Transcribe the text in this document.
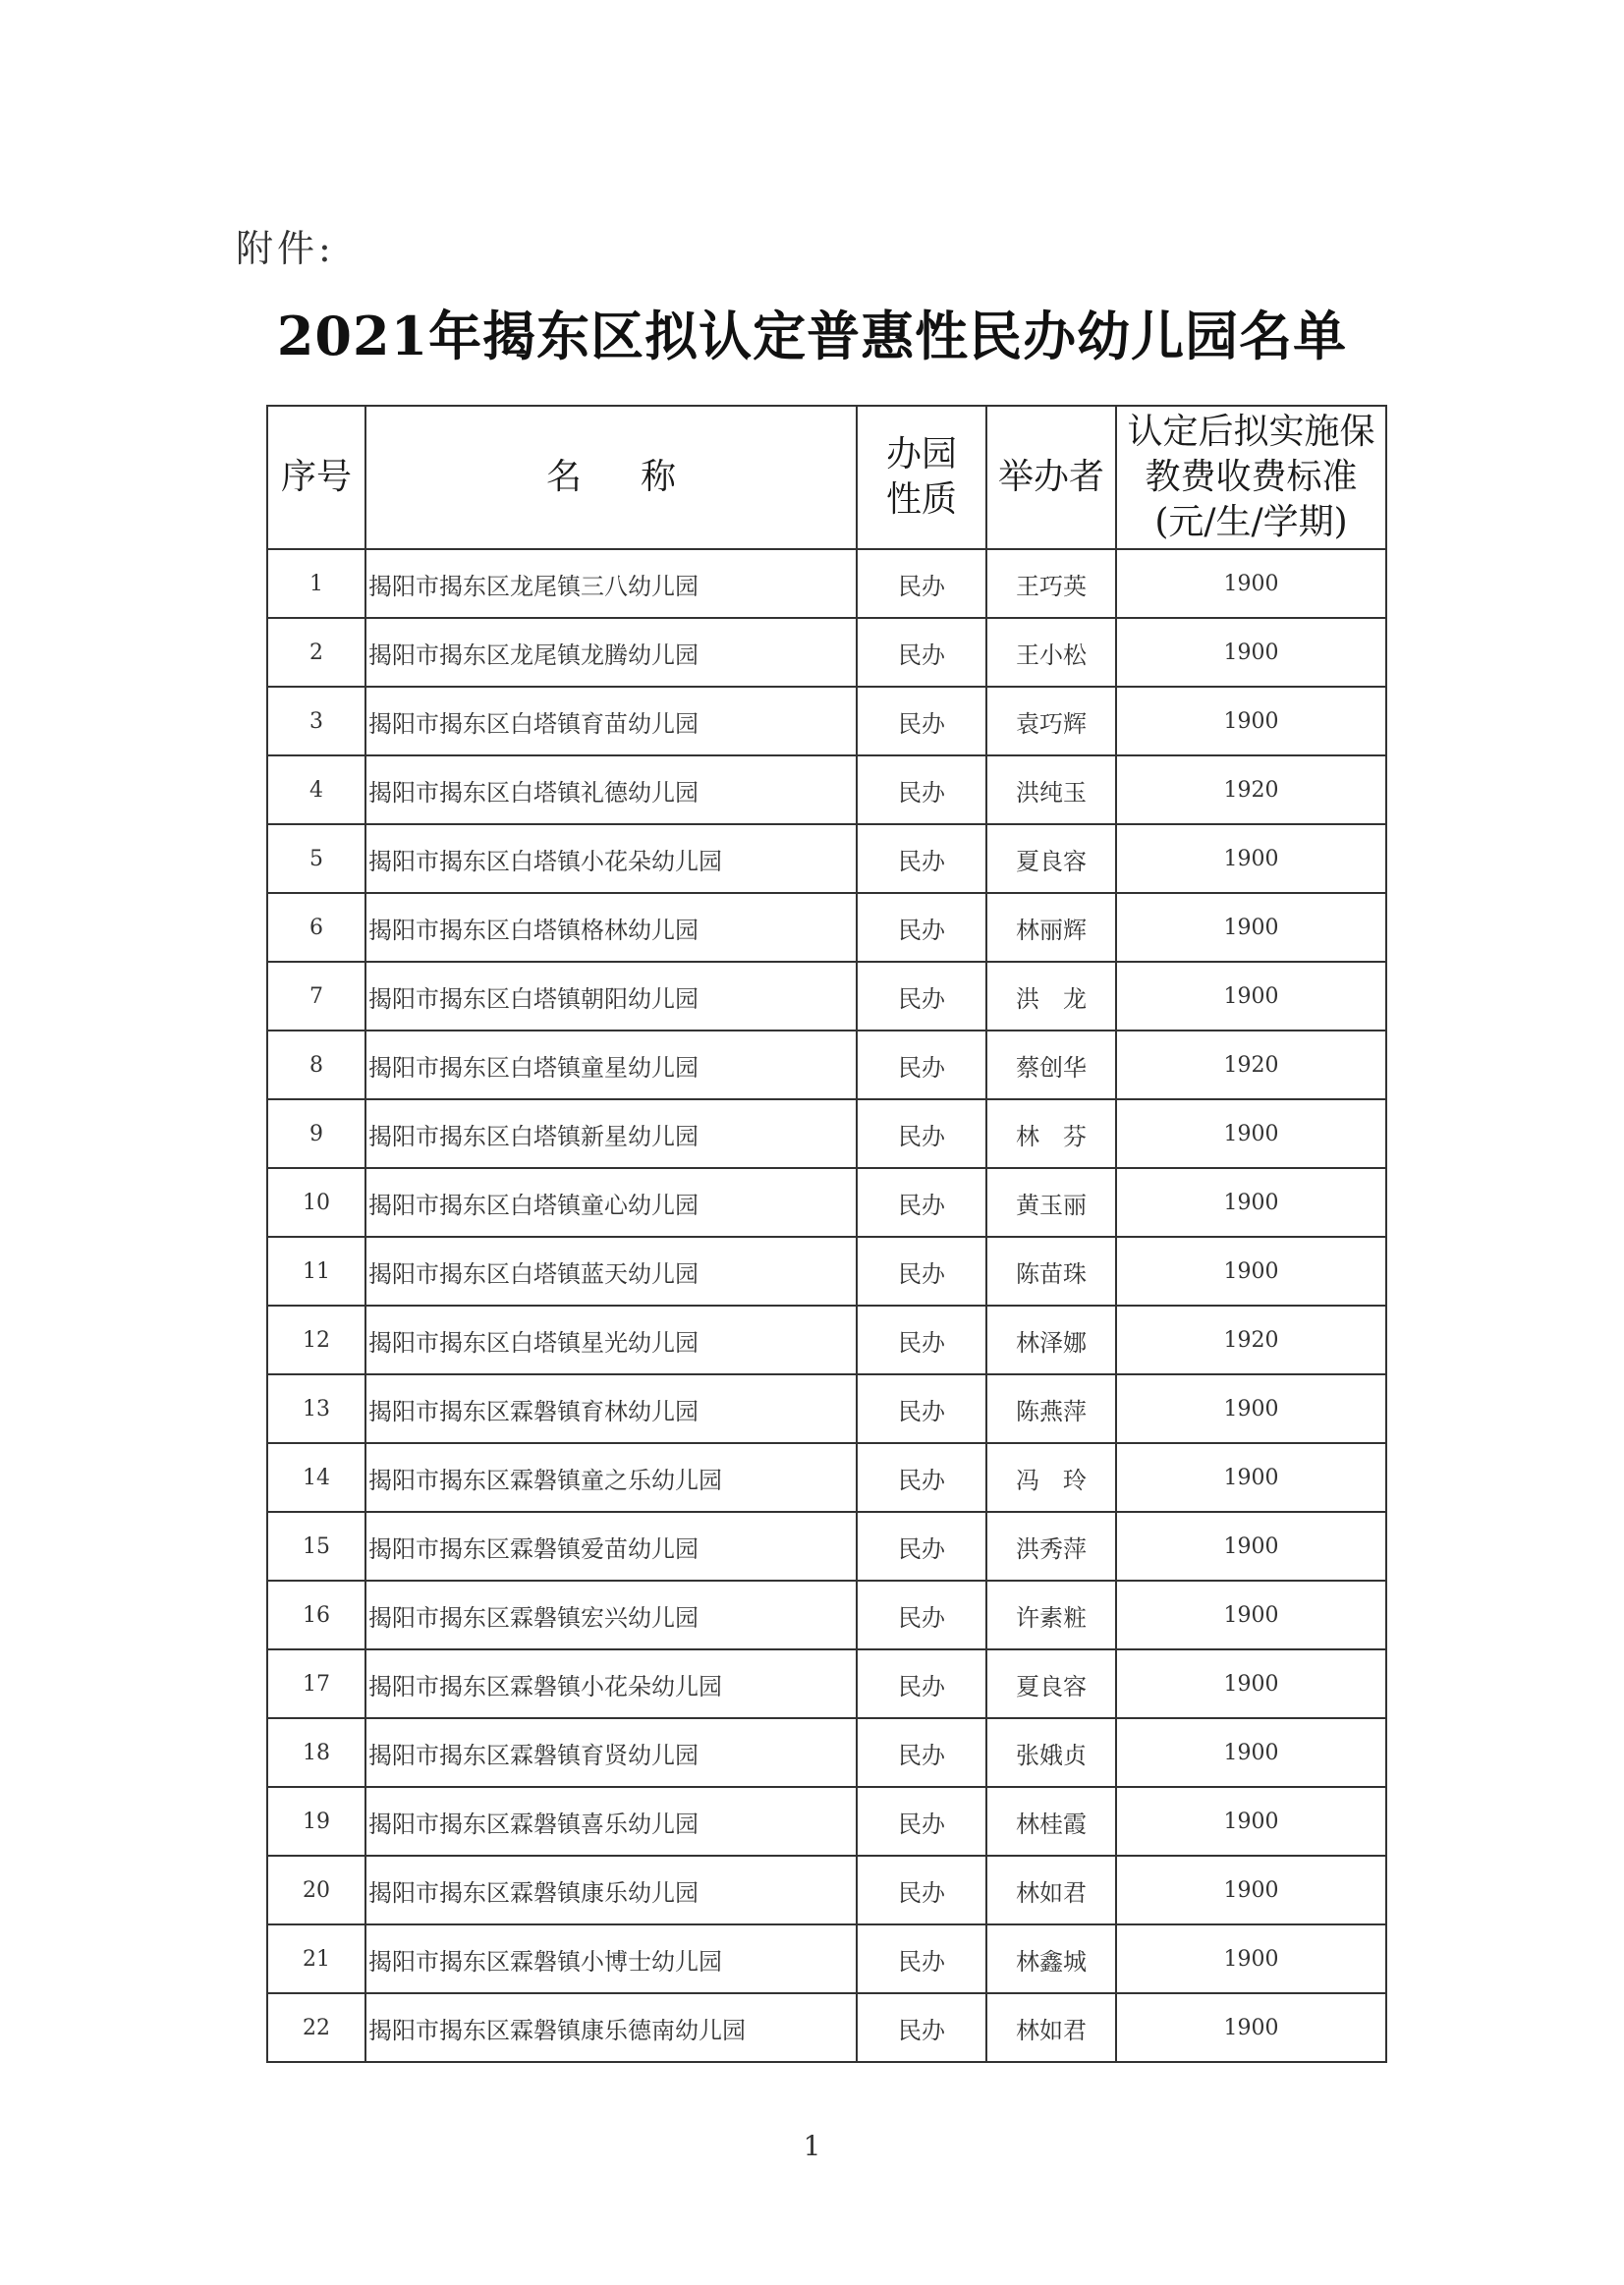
附件:
2021年揭东区拟认定普惠性民办幼儿园名单
序号	名称	办园性质	举办者	认定后拟实施保教费收费标准(元/生/学期)
1	揭阳市揭东区龙尾镇三八幼儿园	民办	王巧英	1900
2	揭阳市揭东区龙尾镇龙腾幼儿园	民办	王小松	1900
3	揭阳市揭东区白塔镇育苗幼儿园	民办	袁巧辉	1900
4	揭阳市揭东区白塔镇礼德幼儿园	民办	洪纯玉	1920
5	揭阳市揭东区白塔镇小花朵幼儿园	民办	夏良容	1900
6	揭阳市揭东区白塔镇格林幼儿园	民办	林丽辉	1900
7	揭阳市揭东区白塔镇朝阳幼儿园	民办	洪　龙	1900
8	揭阳市揭东区白塔镇童星幼儿园	民办	蔡创华	1920
9	揭阳市揭东区白塔镇新星幼儿园	民办	林　芬	1900
10	揭阳市揭东区白塔镇童心幼儿园	民办	黄玉丽	1900
11	揭阳市揭东区白塔镇蓝天幼儿园	民办	陈苗珠	1900
12	揭阳市揭东区白塔镇星光幼儿园	民办	林泽娜	1920
13	揭阳市揭东区霖磐镇育林幼儿园	民办	陈燕萍	1900
14	揭阳市揭东区霖磐镇童之乐幼儿园	民办	冯　玲	1900
15	揭阳市揭东区霖磐镇爱苗幼儿园	民办	洪秀萍	1900
16	揭阳市揭东区霖磐镇宏兴幼儿园	民办	许素粧	1900
17	揭阳市揭东区霖磐镇小花朵幼儿园	民办	夏良容	1900
18	揭阳市揭东区霖磐镇育贤幼儿园	民办	张娥贞	1900
19	揭阳市揭东区霖磐镇喜乐幼儿园	民办	林桂霞	1900
20	揭阳市揭东区霖磐镇康乐幼儿园	民办	林如君	1900
21	揭阳市揭东区霖磐镇小博士幼儿园	民办	林鑫城	1900
22	揭阳市揭东区霖磐镇康乐德南幼儿园	民办	林如君	1900
1
